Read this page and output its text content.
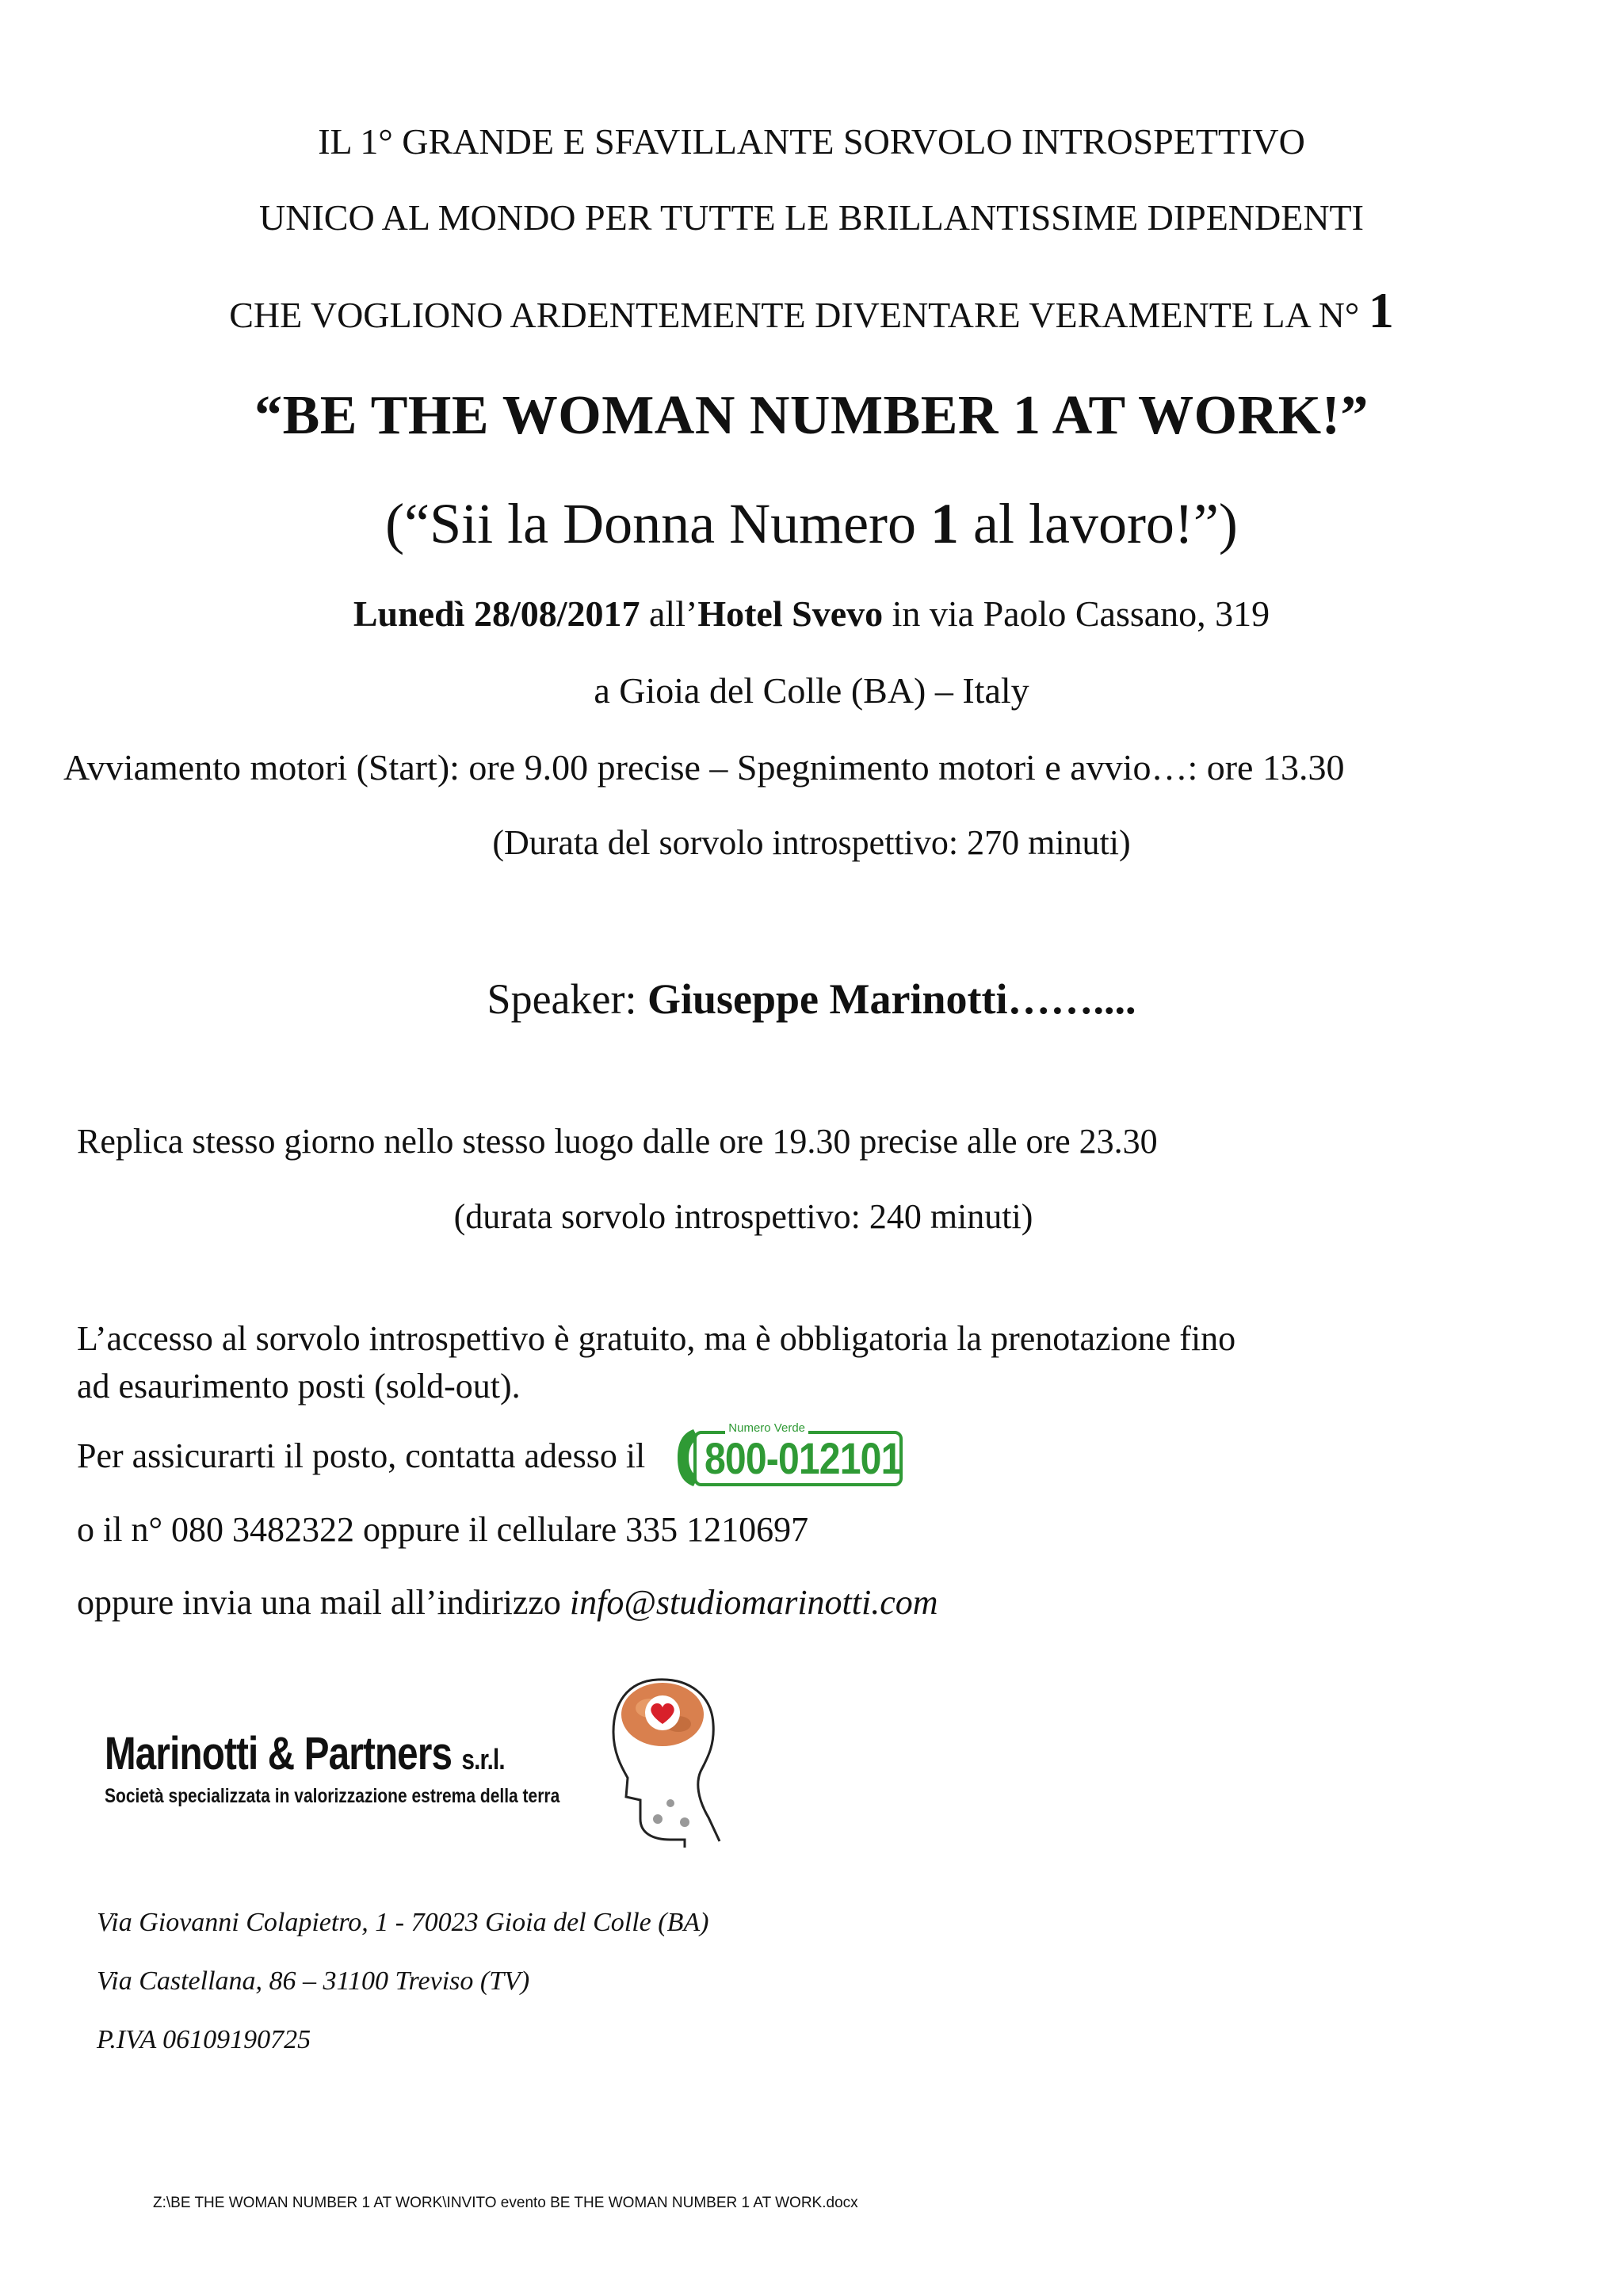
IL 1° GRANDE E SFAVILLANTE SORVOLO INTROSPETTIVO
UNICO AL MONDO PER TUTTE LE BRILLANTISSIME DIPENDENTI
CHE VOGLIONO ARDENTEMENTE DIVENTARE VERAMENTE LA N° 1
“BE THE WOMAN NUMBER 1 AT WORK!”
(“Sii la Donna Numero 1 al lavoro!”)
Lunedì 28/08/2017 all’Hotel Svevo in via Paolo Cassano, 319
a Gioia del Colle (BA) – Italy
Avviamento motori (Start): ore 9.00 precise – Spegnimento motori e avvio…: ore 13.30
(Durata del sorvolo introspettivo: 270 minuti)
Speaker: Giuseppe Marinotti……....
Replica stesso giorno nello stesso luogo dalle ore 19.30 precise alle ore 23.30
(durata sorvolo introspettivo: 240 minuti)
L’accesso al sorvolo introspettivo è gratuito, ma è obbligatoria la prenotazione fino
ad esaurimento posti (sold-out).
Per assicurarti il posto, contatta adesso il
Numero Verde
800-012101
o il n° 080 3482322 oppure il cellulare 335 1210697
oppure invia una mail all’indirizzo info@studiomarinotti.com
Marinotti & Partners s.r.l.
Società specializzata in valorizzazione estrema della terra
Via Giovanni Colapietro, 1 - 70023 Gioia del Colle (BA)
Via Castellana, 86 – 31100 Treviso (TV)
P.IVA 06109190725
Z:\BE THE WOMAN NUMBER 1 AT WORK\INVITO evento BE THE WOMAN NUMBER 1 AT WORK.docx
